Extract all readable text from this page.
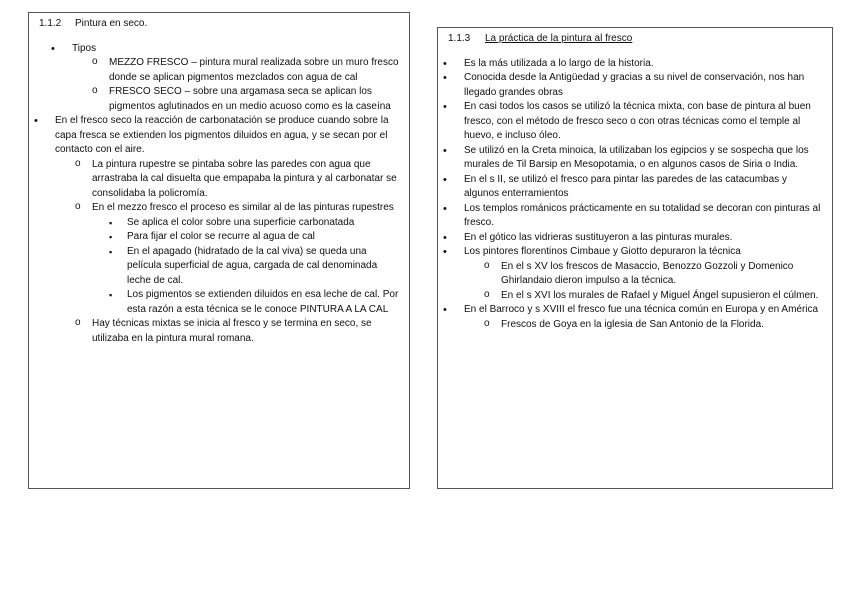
1.1.2 Pintura en seco.
• Tipos
o MEZZO FRESCO – pintura mural realizada sobre un muro fresco donde se aplican pigmentos mezclados con agua de cal
o FRESCO SECO – sobre una argamasa seca se aplican los pigmentos aglutinados en un medio acuoso como es la caseína
• En el fresco seco la reacción de carbonatación se produce cuando sobre la capa fresca se extienden los pigmentos diluidos en agua, y se secan por el contacto con el aire.
o La pintura rupestre se pintaba sobre las paredes con agua que arrastraba la cal disuelta que empapaba la pintura y al carbonatar se consolidaba la policromía.
o En el mezzo fresco el proceso es similar al de las pinturas rupestres
▪ Se aplica el color sobre una superficie carbonatada
▪ Para fijar el color se recurre al agua de cal
▪ En el apagado (hidratado de la cal viva) se queda una película superficial de agua, cargada de cal denominada leche de cal.
▪ Los pigmentos se extienden diluidos en esa leche de cal. Por esta razón a esta técnica se le conoce PINTURA A LA CAL
o Hay técnicas mixtas se inicia al fresco y se termina en seco, se utilizaba en la pintura mural romana.
1.1.3 La práctica de la pintura al fresco
• Es la más utilizada a lo largo de la historia.
• Conocida desde la Antigüedad y gracias a su nivel de conservación, nos han llegado grandes obras
• En casi todos los casos se utilizó la técnica mixta, con base de pintura al buen fresco, con el método de fresco seco o con otras técnicas como el temple al huevo, e incluso óleo.
• Se utilizó en la Creta minoica, la utilizaban los egipcios y se sospecha que los murales de Til Barsip en Mesopotamia, o en algunos casos de Siria o India.
• En el s II, se utilizó el fresco para pintar las paredes de las catacumbas y algunos enterramientos
• Los templos románicos prácticamente en su totalidad se decoran con pinturas al fresco.
• En el gótico las vidrieras sustituyeron a las pinturas murales.
• Los pintores florentinos Cimbaue y Giotto depuraron la técnica
o En el s XV los frescos de Masaccio, Benozzo Gozzoli y Domenico Ghirlandaio dieron impulso a la técnica.
o En el s XVI los murales de Rafael y Miguel Ángel supusieron el cúlmen.
• En el Barroco y s XVIII el fresco fue una técnica común en Europa y en América
o Frescos de Goya en la iglesia de San Antonio de la Florida.
